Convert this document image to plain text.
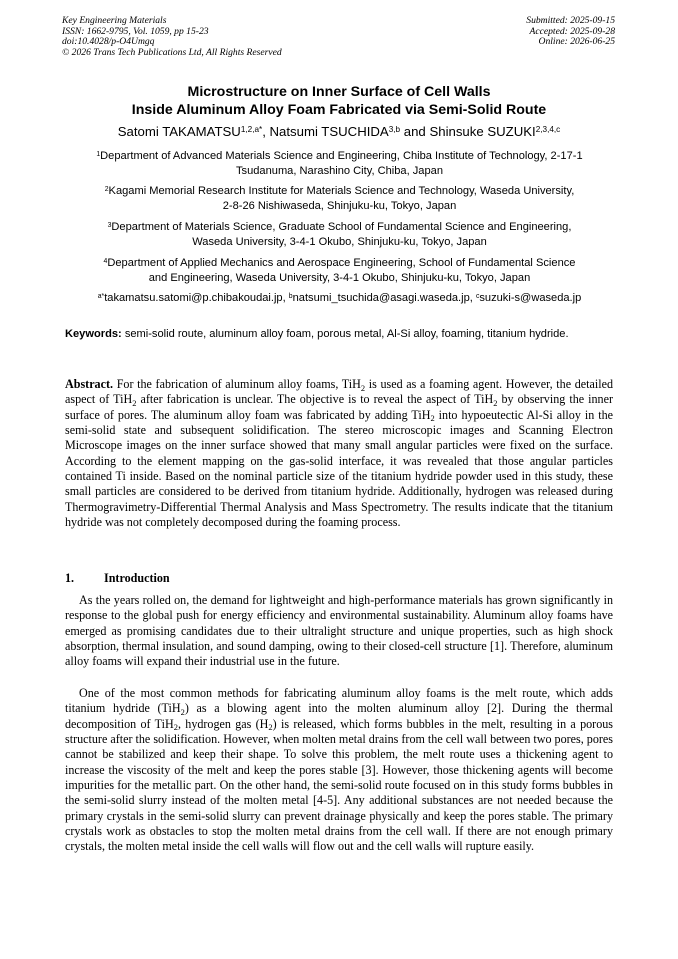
Key Engineering Materials
ISSN: 1662-9795, Vol. 1059, pp 15-23
doi:10.4028/p-O4Umgq
© 2026 Trans Tech Publications Ltd, All Rights Reserved
Submitted: 2025-09-15
Accepted: 2025-09-28
Online: 2026-06-25
Microstructure on Inner Surface of Cell Walls
Inside Aluminum Alloy Foam Fabricated via Semi-Solid Route
Satomi $TAKAMATSU^{1,2,a*}$, Natsumi TSUCHIDA$^{3,b}$ and Shinsuke SUZUKI$^{2,3,4,c}$
$^1$Department of Advanced Materials Science and Engineering, Chiba Institute of Technology, 2-17-1
Tsudanuma, Narashino City, Chiba, Japan
$^2$Kagami Memorial Research Institute for Materials Science and Technology, Waseda University,
2-8-26 Nishiwaseda, Shinjuku-ku, Tokyo, Japan
$^3$Department of Materials Science, Graduate School of Fundamental Science and Engineering,
Waseda University, 3-4-1 Okubo, Shinjuku-ku, Tokyo, Japan
$^4$Department of Applied Mechanics and Aerospace Engineering, School of Fundamental Science
and Engineering, Waseda University, 3-4-1 Okubo, Shinjuku-ku, Tokyo, Japan
$^{a*}$takamatsu.satomi@p.chibakoudai.jp, $^b$natsumi_tsuchida@asagi.waseda.jp, $^c$suzuki-s@waseda.jp
Keywords: semi-solid route, aluminum alloy foam, porous metal, Al-Si alloy, foaming, titanium hydride.
Abstract. For the fabrication of aluminum alloy foams, TiH$_2$ is used as a foaming agent. However, the detailed aspect of TiH$_2$ after fabrication is unclear. The objective is to reveal the aspect of TiH$_2$ by observing the inner surface of pores. The aluminum alloy foam was fabricated by adding TiH$_2$ into hypoeutectic Al-Si alloy in the semi-solid state and subsequent solidification. The stereo microscopic images and Scanning Electron Microscope images on the inner surface showed that many small angular particles were fixed on the surface. According to the element mapping on the gas-solid interface, it was revealed that those angular particles contained Ti inside. Based on the nominal particle size of the titanium hydride powder used in this study, these small particles are considered to be derived from titanium hydride. Additionally, hydrogen was released during Thermogravimetry-Differential Thermal Analysis and Mass Spectrometry. The results indicate that the titanium hydride was not completely decomposed during the foaming process.
1. Introduction
As the years rolled on, the demand for lightweight and high-performance materials has grown significantly in response to the global push for energy efficiency and environmental sustainability. Aluminum alloy foams have emerged as promising candidates due to their ultralight structure and unique properties, such as high shock absorption, thermal insulation, and sound damping, owing to their closed-cell structure [1]. Therefore, aluminum alloy foams will expand their industrial use in the future.
One of the most common methods for fabricating aluminum alloy foams is the melt route, which adds titanium hydride (TiH$_2$) as a blowing agent into the molten aluminum alloy [2]. During the thermal decomposition of TiH$_2$, hydrogen gas $(H_2)$ is released, which forms bubbles in the melt, resulting in a porous structure after the solidification. However, when molten metal drains from the cell wall between two pores, pores cannot be stabilized and keep their shape. To solve this problem, the melt route uses a thickening agent to increase the viscosity of the melt and keep the pores stable [3]. However, those thickening agents will become impurities for the metallic part. On the other hand, the semi-solid route focused on in this study forms bubbles in the semi-solid slurry instead of the molten metal [4-5]. Any additional substances are not needed because the primary crystals in the semi-solid slurry can prevent drainage physically and keep the pores stable. The primary crystals work as obstacles to stop the molten metal drains from the cell wall. If there are not enough primary crystals, the molten metal inside the cell walls will flow out and the cell walls will rupture easily.
